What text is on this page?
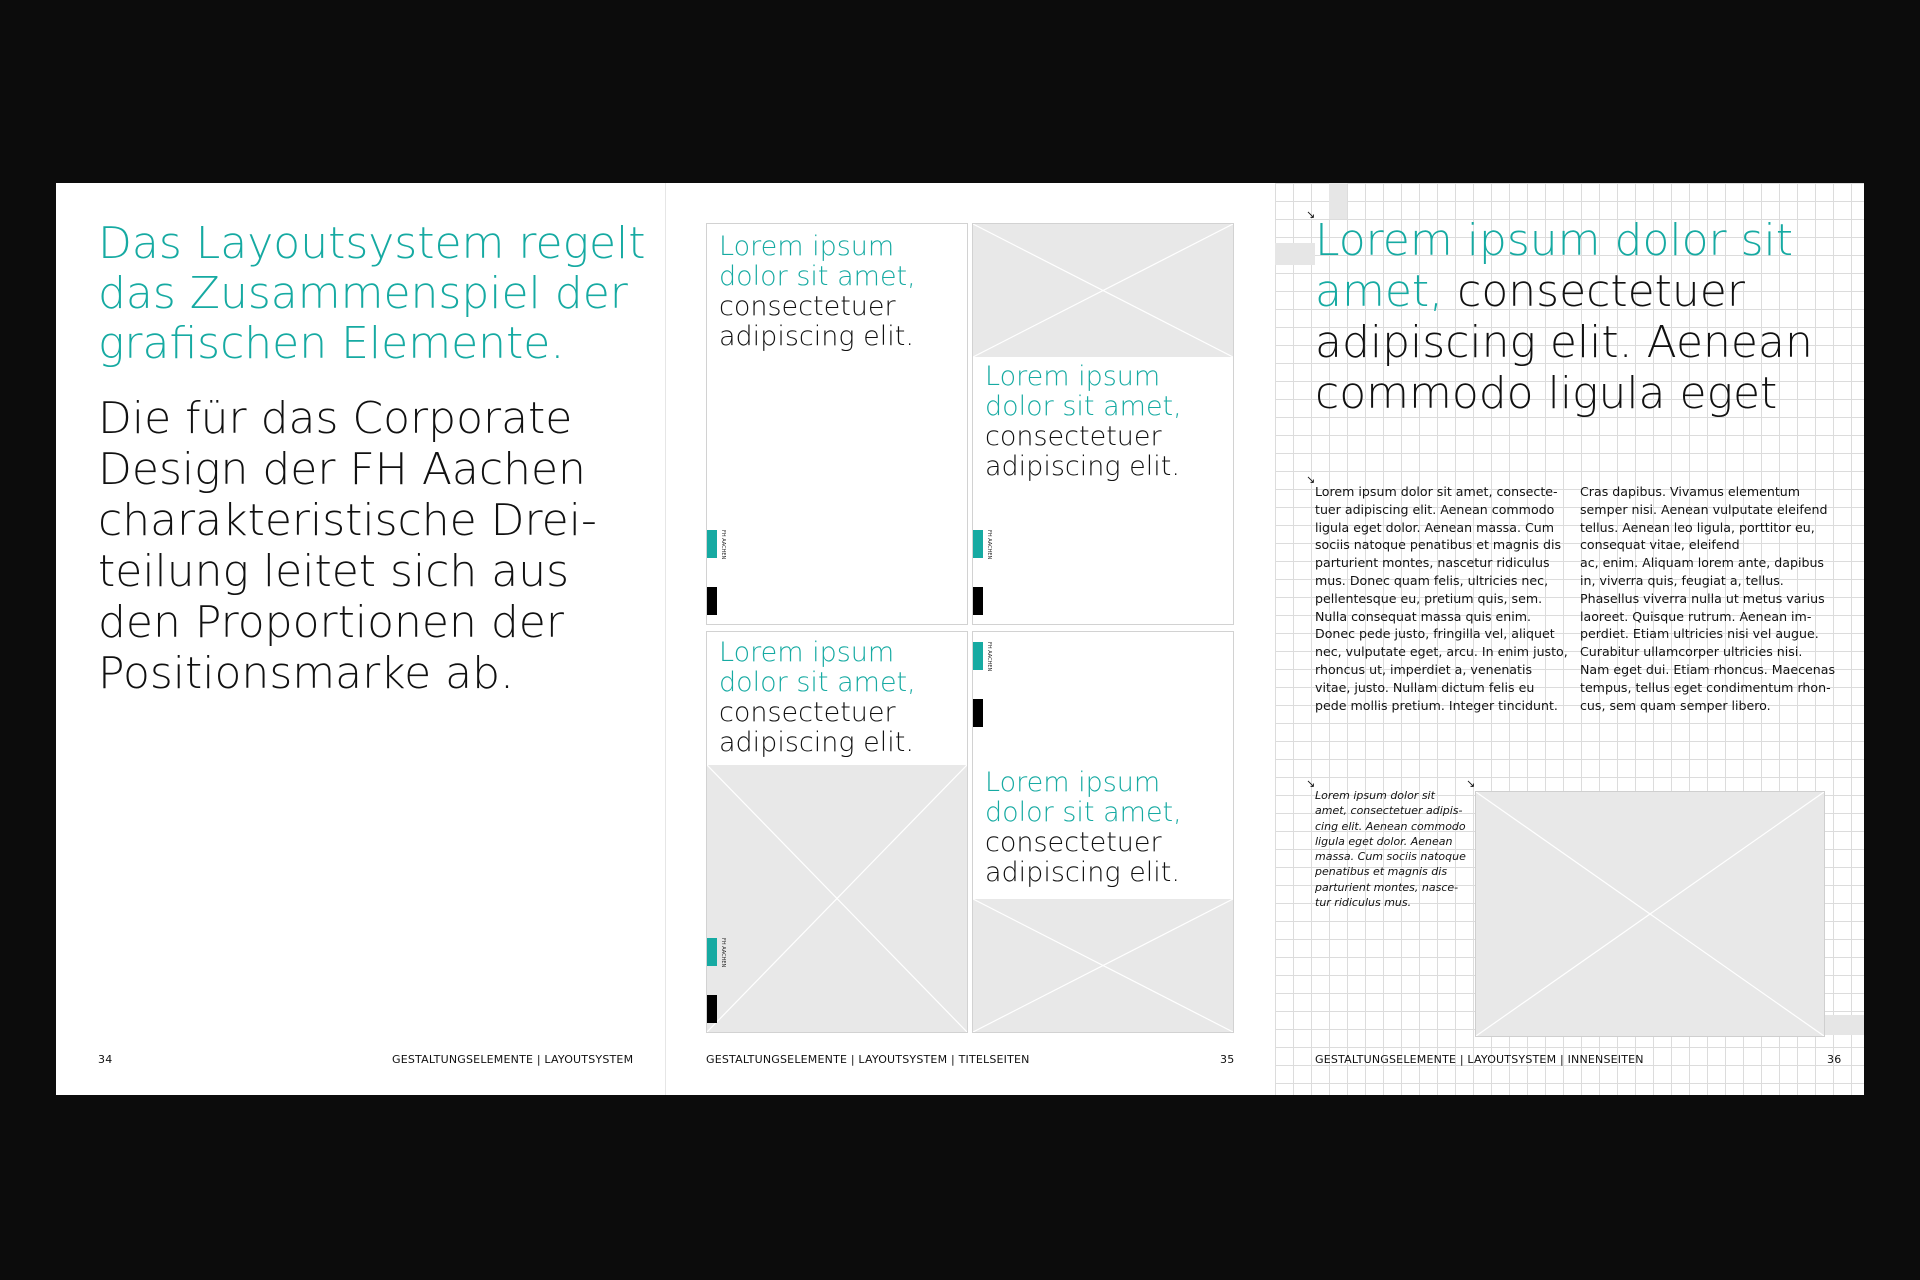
Das Layoutsystem regelt
das Zusammenspiel der
grafischen Elemente.

Die für das Corporate
Design der FH Aachen
charakteristische Drei-
teilung leitet sich aus
den Proportionen der
Positionsmarke ab.

34	GESTALTUNGSELEMENTE | LAYOUTSYSTEM
Lorem ipsum
dolor sit amet,
consectetuer
adipiscing elit.
FH AACHEN
Lorem ipsum
dolor sit amet,
consectetuer
adipiscing elit.
FH AACHEN
Lorem ipsum
dolor sit amet,
consectetuer
adipiscing elit.
FH AACHEN
FH AACHEN
Lorem ipsum
dolor sit amet,
consectetuer
adipiscing elit.
GESTALTUNGSELEMENTE | LAYOUTSYSTEM | TITELSEITEN	35
↘
Lorem ipsum dolor sit
amet, consectetuer
adipiscing elit. Aenean
commodo ligula eget
↘
Lorem ipsum dolor sit amet, consecte-
tuer adipiscing elit. Aenean commodo
ligula eget dolor. Aenean massa. Cum
sociis natoque penatibus et magnis dis
parturient montes, nascetur ridiculus
mus. Donec quam felis, ultricies nec,
pellentesque eu, pretium quis, sem.
Nulla consequat massa quis enim.
Donec pede justo, fringilla vel, aliquet
nec, vulputate eget, arcu. In enim justo,
rhoncus ut, imperdiet a, venenatis
vitae, justo. Nullam dictum felis eu
pede mollis pretium. Integer tincidunt.
Cras dapibus. Vivamus elementum
semper nisi. Aenean vulputate eleifend
tellus. Aenean leo ligula, porttitor eu,
consequat vitae, eleifend
ac, enim. Aliquam lorem ante, dapibus
in, viverra quis, feugiat a, tellus.
Phasellus viverra nulla ut metus varius
laoreet. Quisque rutrum. Aenean im-
perdiet. Etiam ultricies nisi vel augue.
Curabitur ullamcorper ultricies nisi.
Nam eget dui. Etiam rhoncus. Maecenas
tempus, tellus eget condimentum rhon-
cus, sem quam semper libero.
↘	↘
Lorem ipsum dolor sit
amet, consectetuer adipis-
cing elit. Aenean commodo
ligula eget dolor. Aenean
massa. Cum sociis natoque
penatibus et magnis dis
parturient montes, nasce-
tur ridiculus mus.
GESTALTUNGSELEMENTE | LAYOUTSYSTEM | INNENSEITEN	36
